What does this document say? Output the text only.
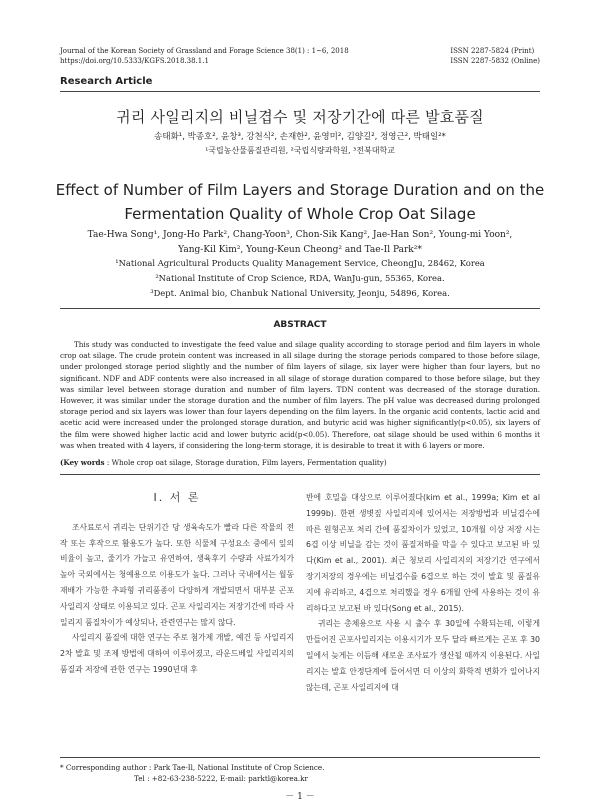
Journal of the Korean Society of Grassland and Forage Science 38(1) : 1~6, 2018
https://doi.org/10.5333/KGFS.2018.38.1.1
ISSN 2287-5824 (Print)
ISSN 2287-5832 (Online)
Research Article
귀리 사일리지의 비닐겹수 및 저장기간에 따른 발효품질
송태화¹, 박종호², 윤창³, 강천식², 손재한², 윤영미², 김양길², 정영근², 박태일²*
¹국립농산물품질관리원, ²국립식량과학원, ³전북대학교
Effect of Number of Film Layers and Storage Duration and on the
Fermentation Quality of Whole Crop Oat Silage
Tae-Hwa Song¹, Jong-Ho Park², Chang-Yoon³, Chon-Sik Kang², Jae-Han Son², Young-mi Yoon²,
Yang-Kil Kim², Young-Keun Cheong² and Tae-Il Park²*
¹National Agricultural Products Quality Management Service, CheongJu, 28462, Korea
²National Institute of Crop Science, RDA, WanJu-gun, 55365, Korea.
³Dept. Animal bio, Chanbuk National University, Jeonju, 54896, Korea.
ABSTRACT

This study was conducted to investigate the feed value and silage quality according to storage period and film layers in whole crop oat silage. The crude protein content was increased in all silage during the storage periods compared to those before silage, under prolonged storage period slightly and the number of film layers of silage, six layer were higher than four layers, but no significant. NDF and ADF contents were also increased in all silage of storage duration compared to those before silage, but they was similar level between storage duration and number of film layers. TDN content was decreased of the storage duration. However, it was similar under the storage duration and the number of film layers. The pH value was decreased during prolonged storage period and six layers was lower than four layers depending on the film layers. In the organic acid contents, lactic acid and acetic acid were increased under the prolonged storage duration, and butyric acid was higher significantly(p<0.05), six layers of the film were showed higher lactic acid and lower butyric acid(p<0.05). Therefore, oat silage should be used within 6 months it was when treated with 4 layers, if considering the long-term storage, it is desirable to treat it with 6 layers or more.

(Key words : Whole crop oat silage, Storage duration, Film layers, Fermentation quality)
Ⅰ. 서 론

조사료로서 귀리는 단위기간 당 생육속도가 빨라 다른 작물의 전작 또는 후작으로 활용도가 높다. 또한 식물체 구성요소 중에서 잎의 비율이 높고, 줄기가 가늘고 유연하여, 생육후기 수량과 사료가치가 높아 국외에서는 청예용으로 이용도가 높다. 그러나 국내에서는 월동재배가 가능한 추파형 귀리품종이 다양하게 개발되면서 대부분 곤포 사일리지 상태로 이용되고 있다. 곤포 사일리지는 저장기간에 따라 사일리지 품질차이가 예상되나, 관련연구는 많지 않다.

사일리지 품질에 대한 연구는 주로 첨가제 개발, 예건 등 사일리지 2차 발효 및 조제 방법에 대하여 이루어졌고, 라운드베일 사일리지의 품질과 저장에 관한 연구는 1990년대 후

반에 호밀을 대상으로 이루어졌다(kim et al., 1999a; Kim et al 1999b). 한편 생볏짚 사일리지에 있어서는 저장방법과 비닐겹수에 따른 원형곤포 처리 간에 품질차이가 있었고, 10개월 이상 저장 시는 6겹 이상 비닐을 감는 것이 품질저하를 막을 수 있다고 보고된 바 있다(Kim et al., 2001). 최근 청보리 사일리지의 저장기간 연구에서 장기저장의 경우에는 비닐겹수를 6겹으로 하는 것이 발효 및 품질유지에 유리하고, 4겹으로 처리했을 경우 6개월 안에 사용하는 것이 유리하다고 보고된 바 있다(Song et al., 2015).

귀리는 총체용으로 사용 시 출수 후 30일에 수확되는데, 이렇게 만들어진 곤포사일리지는 이용시기가 모두 달라 빠르게는 곤포 후 30일에서 늦게는 이듬해 새로운 조사료가 생산될 때까지 이용된다. 사일리지는 발효 안정단계에 들어서면 더 이상의 화학적 변화가 일어나지 않는데, 곤포 사일리지에 대

* Corresponding author : Park Tae-Il, National Institute of Crop Science.
Tel : +82-63-238-5222, E-mail: parktl@korea.kr
－ 1 －
